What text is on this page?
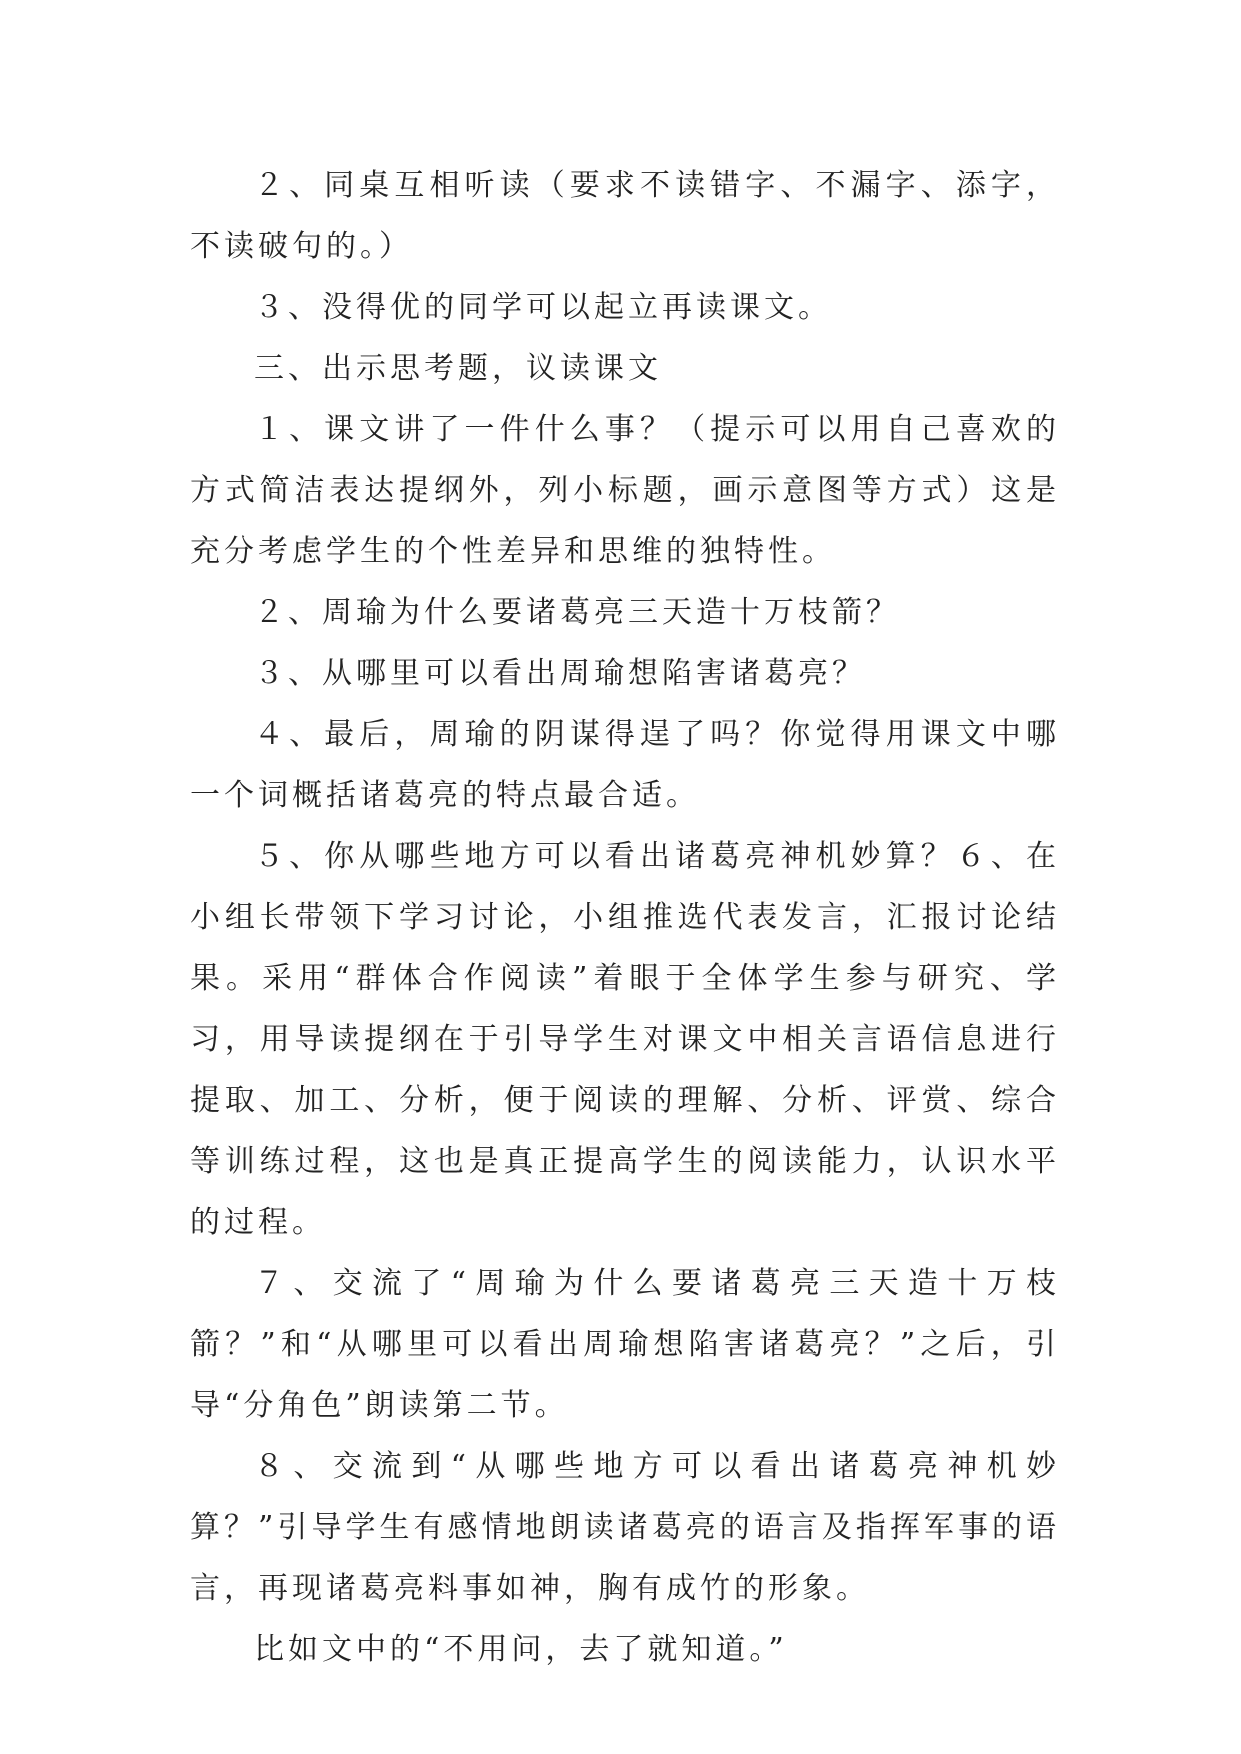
２、同桌互相听读（要求不读错字、不漏字、添字，不读破句的。）

３、没得优的同学可以起立再读课文。

三、出示思考题，议读课文

１、课文讲了一件什么事？（提示可以用自己喜欢的方式简洁表达提纲外，列小标题，画示意图等方式）这是充分考虑学生的个性差异和思维的独特性。

２、周瑜为什么要诸葛亮三天造十万枝箭？

３、从哪里可以看出周瑜想陷害诸葛亮？

４、最后，周瑜的阴谋得逞了吗？你觉得用课文中哪一个词概括诸葛亮的特点最合适。

５、你从哪些地方可以看出诸葛亮神机妙算？６、在小组长带领下学习讨论，小组推选代表发言，汇报讨论结果。采用“群体合作阅读”着眼于全体学生参与研究、学习，用导读提纲在于引导学生对课文中相关言语信息进行提取、加工、分析，便于阅读的理解、分析、评赏、综合等训练过程，这也是真正提高学生的阅读能力，认识水平的过程。

７、交流了“周瑜为什么要诸葛亮三天造十万枝箭？”和“从哪里可以看出周瑜想陷害诸葛亮？”之后，引导“分角色”朗读第二节。

８、交流到“从哪些地方可以看出诸葛亮神机妙算？”引导学生有感情地朗读诸葛亮的语言及指挥军事的语言，再现诸葛亮料事如神，胸有成竹的形象。

比如文中的“不用问，去了就知道。”
